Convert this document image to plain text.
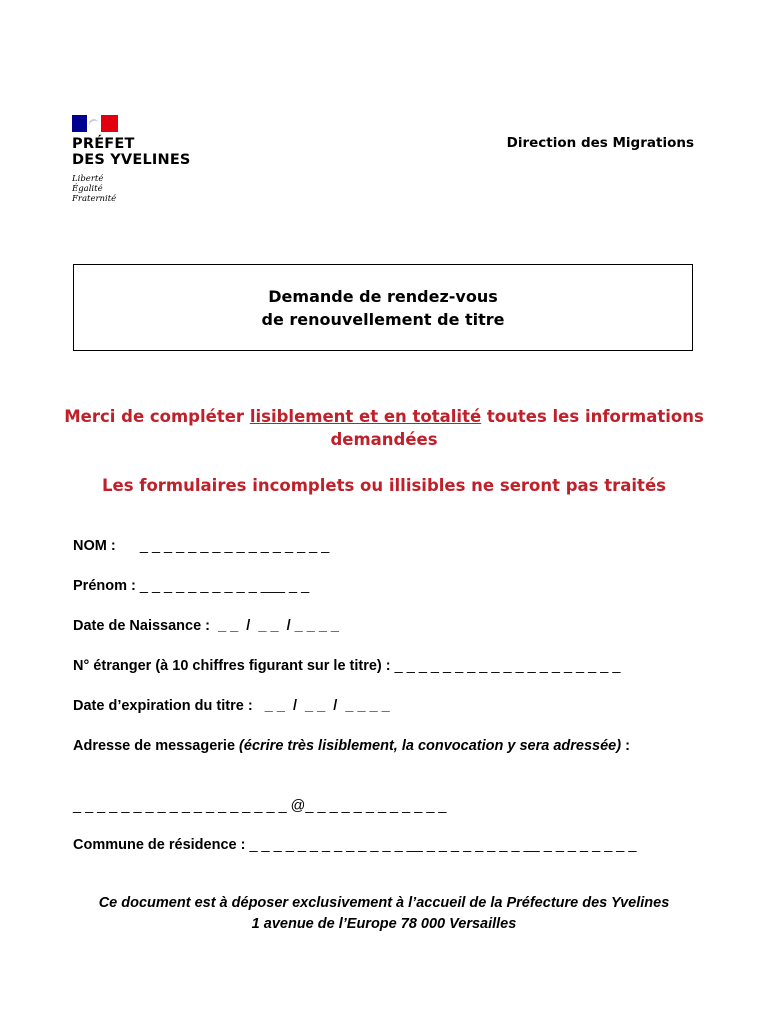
PRÉFET
DES YVELINES
Liberté
Égalité
Fraternité
Direction des Migrations
Demande de rendez-vous
de renouvellement de titre
Merci de compléter lisiblement et en totalité toutes les informations demandées
Les formulaires incomplets ou illisibles ne seront pas traités
NOM :      _ _ _ _ _ _ _ _ _ _ _ _ _ _ _ _
Prénom : _ _ _ _ _ _ _ _ _ _ ___ _ _
Date de Naissance :  _ _  /  _ _  / _ _ _ _
N° étranger (à 10 chiffres figurant sur le titre) : _ _ _ _ _ _ _ _ _ _ _ _ _ _ _ _ _ _ _
Date d’expiration du titre :   _ _  /  _ _  /  _ _ _ _
Adresse de messagerie (écrire très lisiblement, la convocation y sera adressée) :
_ _ _ _ _ _ _ _ _ _ _ _ _ _ _ _ _ _ @_ _ _ _ _ _ _ _ _ _ _ _
Commune de résidence : _ _ _ _ _ _ _ _ _ _ _ _ _ __ _ _ _ _ _ _ _ _ __ _ _ _ _ _ _ _ _
Ce document est à déposer exclusivement à l’accueil de la Préfecture des Yvelines
1 avenue de l’Europe 78 000 Versailles
